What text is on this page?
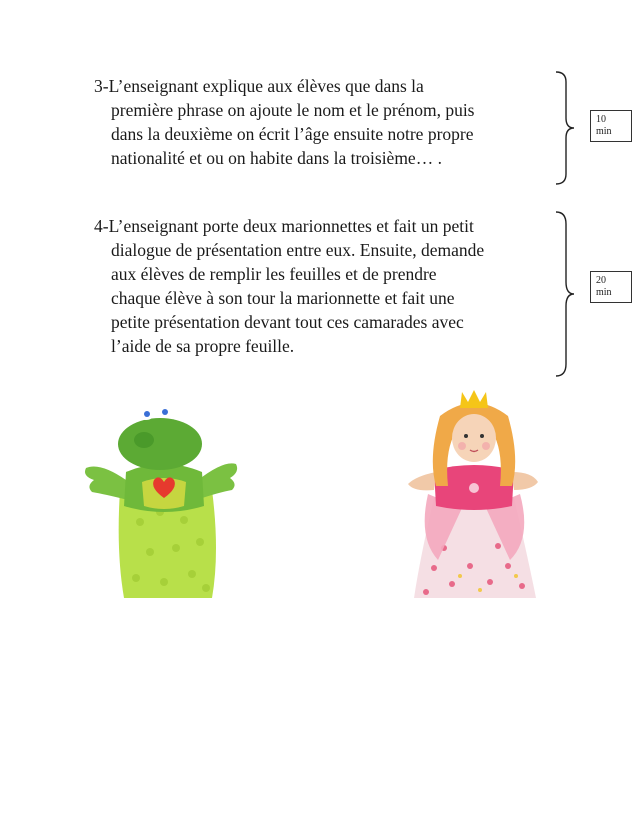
3-L’enseignant explique aux élèves que dans la
première phrase on ajoute le nom et le prénom, puis
dans la deuxième on écrit l’âge ensuite notre propre
nationalité et ou on habite dans la troisième… .
10
min
4-L’enseignant porte deux marionnettes et fait un petit
dialogue de présentation entre eux. Ensuite, demande
aux élèves de remplir les feuilles et de prendre
chaque élève à son tour la marionnette et fait une
petite présentation devant tout ces camarades avec
l’aide de sa propre feuille.
20
min
